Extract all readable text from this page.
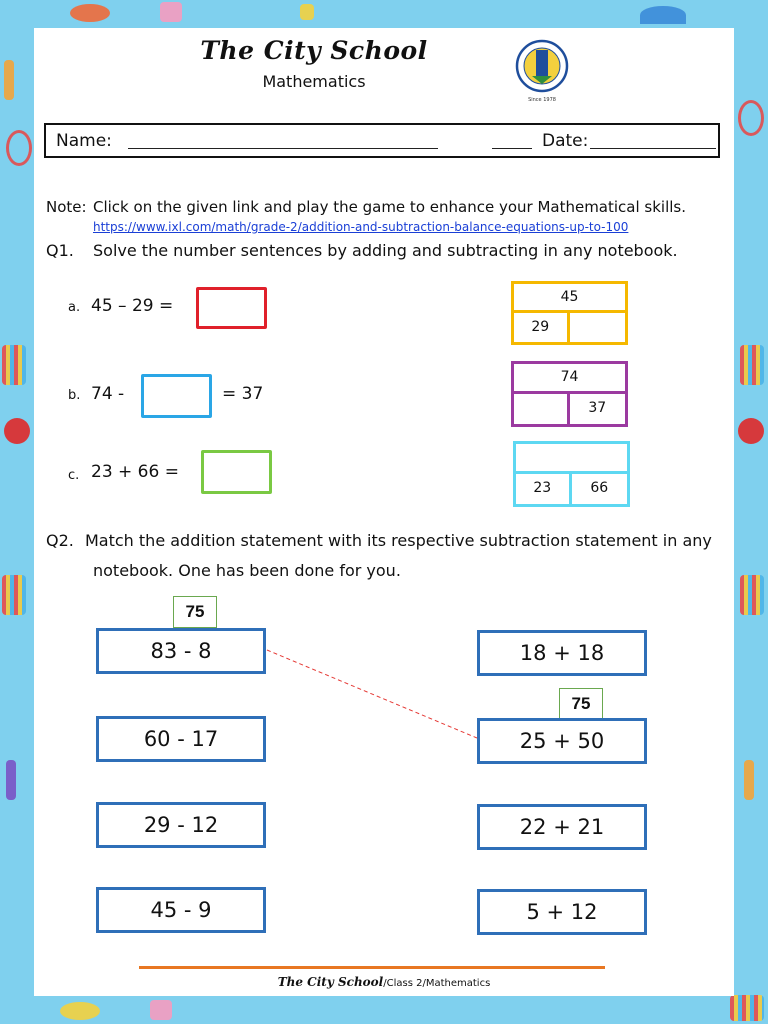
The City School
Mathematics
Since 1978
Name:	Date:
Note: Click on the given link and play the game to enhance your Mathematical skills.
https://www.ixl.com/math/grade-2/addition-and-subtraction-balance-equations-up-to-100
Q1. Solve the number sentences by adding and subtracting in any notebook.
a. 45 – 29 =
b. 74 -	= 37
c. 23 + 66 =
45
29
74
37
23	66
Q2. Match the addition statement with its respective subtraction statement in any
notebook. One has been done for you.
75
75
83 - 8
60 - 17
29 - 12
45 - 9
18 + 18
25 + 50
22 + 21
5 + 12
The City School/Class 2/Mathematics
